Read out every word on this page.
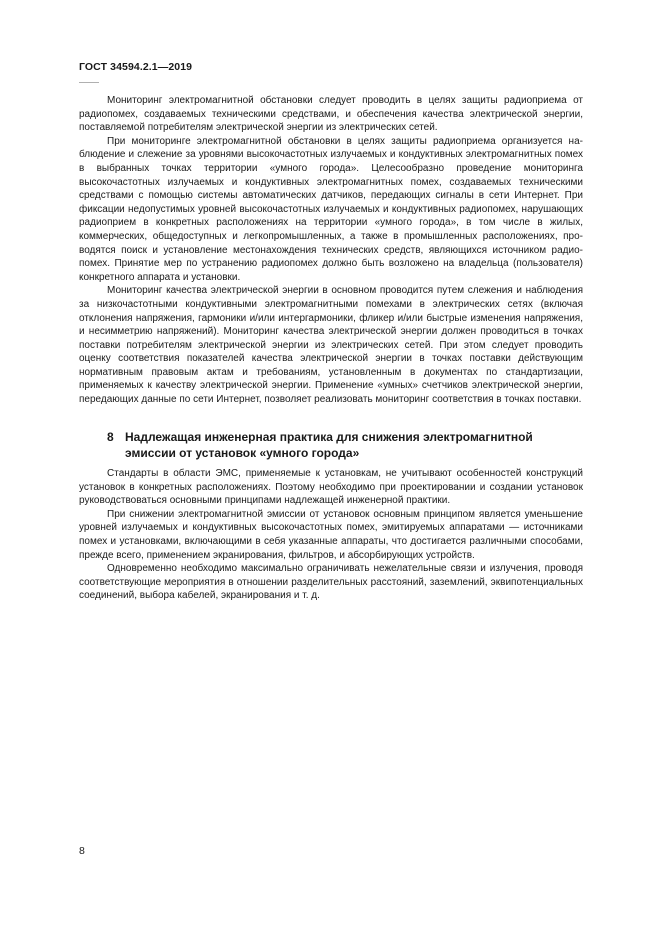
ГОСТ 34594.2.1—2019

Мониторинг электромагнитной обстановки следует проводить в целях защиты радиоприема от радиопомех, создаваемых техническими средствами, и обеспечения качества электрической энергии, поставляемой потребителям электрической энергии из электрических сетей.

При мониторинге электромагнитной обстановки в целях защиты радиоприема организуется наблюдение и слежение за уровнями высокочастотных излучаемых и кондуктивных электромагнитных помех в выбранных точках территории «умного города». Целесообразно проведение мониторинга высокочастотных излучаемых и кондуктивных электромагнитных помех, создаваемых техническими средствами с помощью системы автоматических датчиков, передающих сигналы в сети Интернет. При фиксации недопустимых уровней высокочастотных излучаемых и кондуктивных радиопомех, нарушающих радиоприем в конкретных расположениях на территории «умного города», в том числе в жилых, коммерческих, общедоступных и легкопромышленных, а также в промышленных расположениях, проводятся поиск и установление местонахождения технических средств, являющихся источником радиопомех. Принятие мер по устранению радиопомех должно быть возложено на владельца (пользователя) конкретного аппарата и установки.

Мониторинг качества электрической энергии в основном проводится путем слежения и наблюдения за низкочастотными кондуктивными электромагнитными помехами в электрических сетях (включая отклонения напряжения, гармоники и/или интергармоники, фликер и/или быстрые изменения напряжения, и несимметрию напряжений). Мониторинг качества электрической энергии должен проводиться в точках поставки потребителям электрической энергии из электрических сетей. При этом следует проводить оценку соответствия показателей качества электрической энергии в точках поставки действующим нормативным правовым актам и требованиям, установленным в документах по стандартизации, применяемых к качеству электрической энергии. Применение «умных» счетчиков электрической энергии, передающих данные по сети Интернет, позволяет реализовать мониторинг соответствия в точках поставки.

8 Надлежащая инженерная практика для снижения электромагнитной
эмиссии от установок «умного города»

Стандарты в области ЭМС, применяемые к установкам, не учитывают особенностей конструкций установок в конкретных расположениях. Поэтому необходимо при проектировании и создании установок руководствоваться основными принципами надлежащей инженерной практики.

При снижении электромагнитной эмиссии от установок основным принципом является уменьшение уровней излучаемых и кондуктивных высокочастотных помех, эмитируемых аппаратами — источниками помех и установками, включающими в себя указанные аппараты, что достигается различными способами, прежде всего, применением экранирования, фильтров, и абсорбирующих устройств.

Одновременно необходимо максимально ограничивать нежелательные связи и излучения, проводя соответствующие мероприятия в отношении разделительных расстояний, заземлений, эквипотенциальных соединений, выбора кабелей, экранирования и т. д.

8
